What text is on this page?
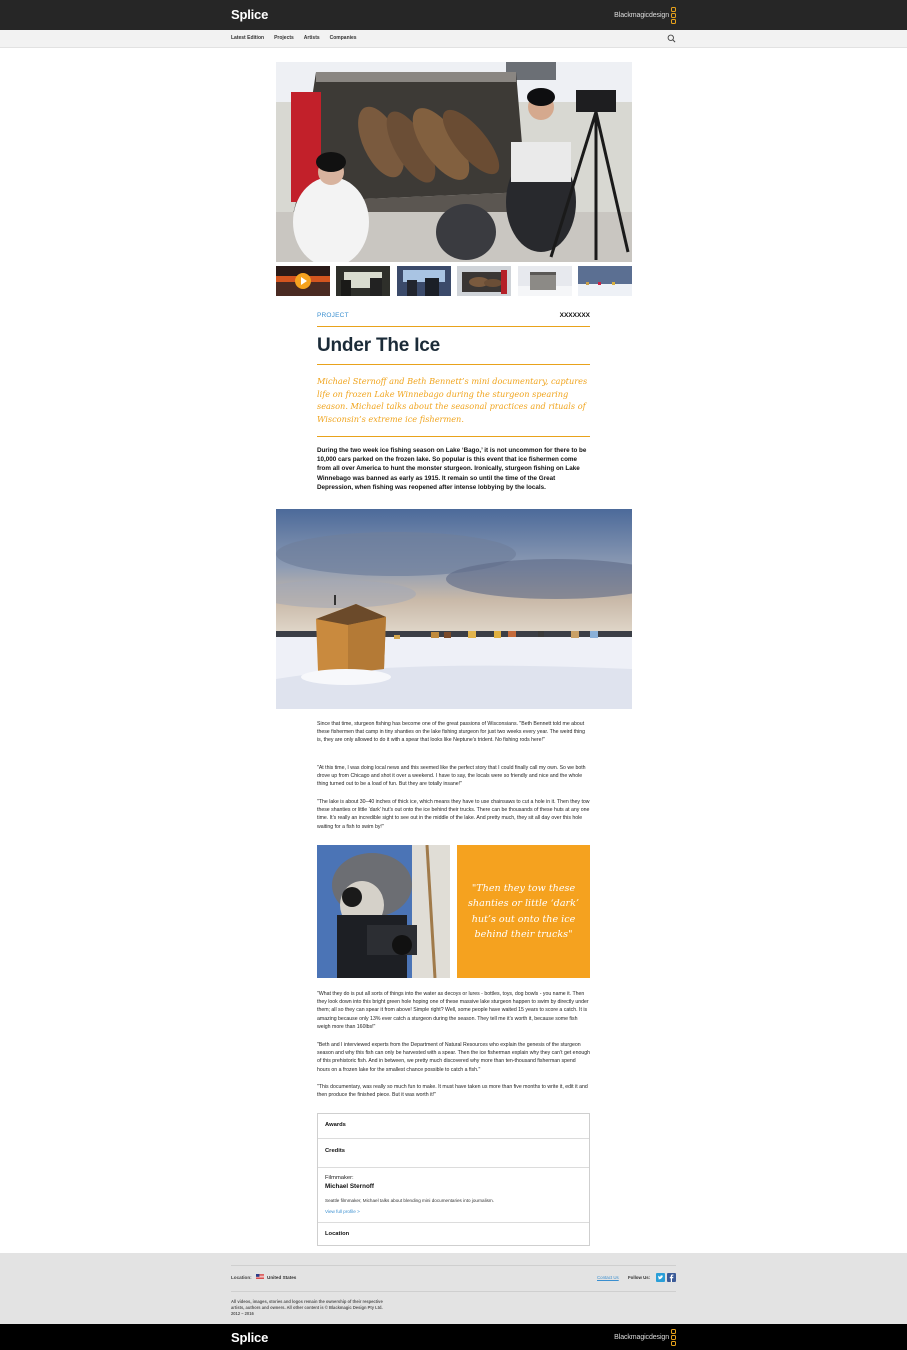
Splice	Blackmagicdesign
Latest Edition Projects Artists Companies
PROJECT	XXXXXXX
Under The Ice

Michael Sternoff and Beth Bennett’s mini documentary, captures life on frozen Lake Winnebago during the sturgeon spearing season. Michael talks about the seasonal practices and rituals of Wisconsin’s extreme ice fishermen.

During the two week ice fishing season on Lake ‘Bago,’ it is not uncommon for there to be 10,000 cars parked on the frozen lake. So popular is this event that ice fishermen come from all over America to hunt the monster sturgeon. Ironically, sturgeon fishing on Lake Winnebago was banned as early as 1915. It remain so until the time of the Great Depression, when fishing was reopened after intense lobbying by the locals.

Since that time, sturgeon fishing has become one of the great passions of Wisconsians. "Beth Bennett told me about these fishermen that camp in tiny shanties on the lake fishing sturgeon for just two weeks every year. The weird thing is, they are only allowed to do it with a spear that looks like Neptune’s trident. No fishing rods here!"

"At this time, I was doing local news and this seemed like the perfect story that I could finally call my own. So we both drove up from Chicago and shot it over a weekend. I have to say, the locals were so friendly and nice and the whole thing turned out to be a load of fun. But they are totally insane!"

"The lake is about 30–40 inches of thick ice, which means they have to use chainsaws to cut a hole in it. Then they tow these shanties or little ‘dark’ hut’s out onto the ice behind their trucks. There can be thousands of these huts at any one time. It’s really an incredible sight to see out in the middle of the lake. And pretty much, they sit all day over this hole waiting for a fish to swim by!"

"Then they tow these shanties or little ‘dark’ hut’s out onto the ice behind their trucks"

"What they do is put all sorts of things into the water as decoys or lures - bottles, toys, dog bowls - you name it. Then they look down into this bright green hole hoping one of these massive lake sturgeon happen to swim by directly under them; all so they can spear it from above! Simple right? Well, some people have waited 15 years to score a catch. It is amazing because only 13% ever catch a sturgeon during the season. They tell me it’s worth it, because some fish weigh more than 160lbs!"

"Beth and I interviewed experts from the Department of Natural Resources who explain the genesis of the sturgeon season and why this fish can only be harvested with a spear. Then the ice fisherman explain why they can’t get enough of this prehistoric fish. And in between, we pretty much discovered why more than ten-thousand fisherman spend hours on a frozen lake for the smallest chance possible to catch a fish."

"This documentary, was really so much fun to make. It must have taken us more than five months to write it, edit it and then produce the finished piece. But it was worth it!"

Awards
Credits
Filmmaker:
Michael Sternoff
Seattle filmmaker, Michael talks about blending mini documentaries into journalism.
View full profile >
Location
Location:	United States	Contact Us Follow Us:

All videos, images, stories and logos remain the ownership of their respective artists, authors and owners. All other content is © Blackmagic Design Pty Ltd. 2012 – 2016

Splice	Blackmagicdesign
